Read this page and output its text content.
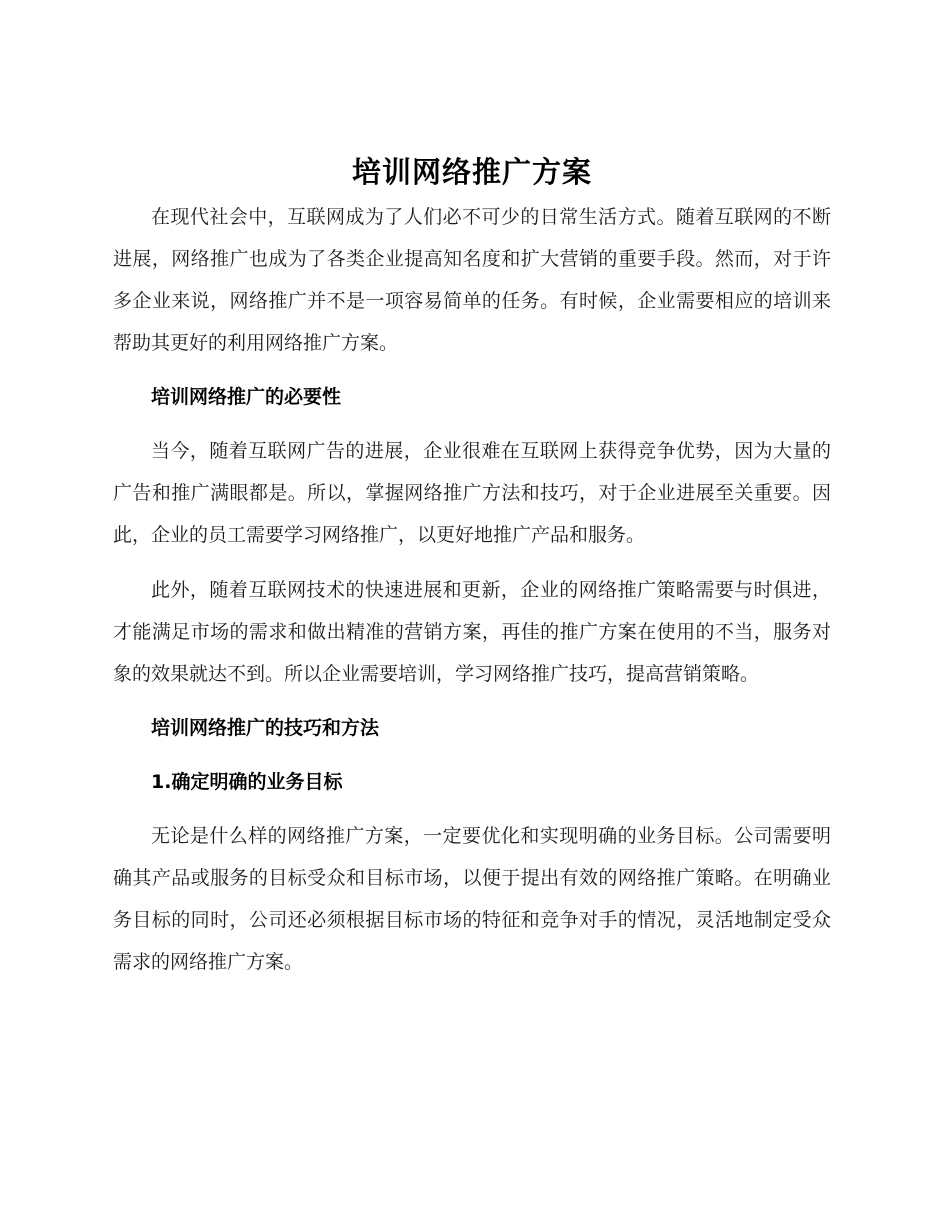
培训网络推广方案

在现代社会中，互联网成为了人们必不可少的日常生活方式。随着互联网的不断进展，网络推广也成为了各类企业提高知名度和扩大营销的重要手段。然而，对于许多企业来说，网络推广并不是一项容易简单的任务。有时候，企业需要相应的培训来帮助其更好的利用网络推广方案。

培训网络推广的必要性

当今，随着互联网广告的进展，企业很难在互联网上获得竞争优势，因为大量的广告和推广满眼都是。所以，掌握网络推广方法和技巧，对于企业进展至关重要。因此，企业的员工需要学习网络推广，以更好地推广产品和服务。

此外，随着互联网技术的快速进展和更新，企业的网络推广策略需要与时俱进，才能满足市场的需求和做出精准的营销方案，再佳的推广方案在使用的不当，服务对象的效果就达不到。所以企业需要培训，学习网络推广技巧，提高营销策略。

培训网络推广的技巧和方法
1.确定明确的业务目标

无论是什么样的网络推广方案，一定要优化和实现明确的业务目标。公司需要明确其产品或服务的目标受众和目标市场，以便于提出有效的网络推广策略。在明确业务目标的同时，公司还必须根据目标市场的特征和竞争对手的情况，灵活地制定受众需求的网络推广方案。
